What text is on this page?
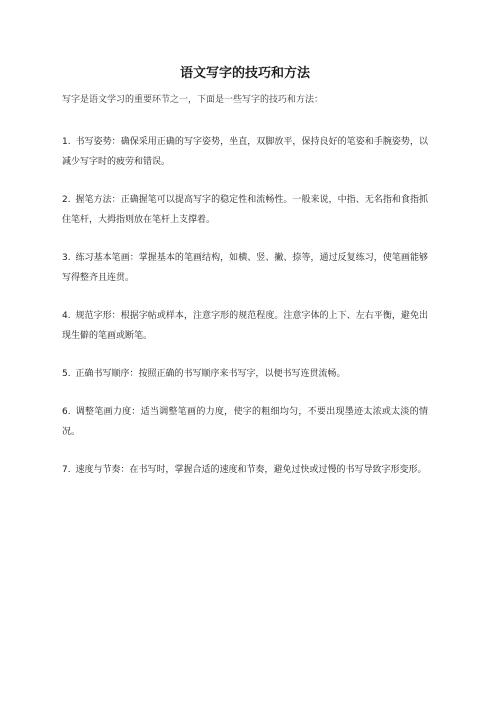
语文写字的技巧和方法

写字是语文学习的重要环节之一，下面是一些写字的技巧和方法：

1. 书写姿势：确保采用正确的写字姿势，坐直，双脚放平，保持良好的笔姿和手腕姿势，以减少写字时的疲劳和错误。

2. 握笔方法：正确握笔可以提高写字的稳定性和流畅性。一般来说，中指、无名指和食指抓住笔杆，大拇指则放在笔杆上支撑着。

3. 练习基本笔画：掌握基本的笔画结构，如横、竖、撇、捺等，通过反复练习，使笔画能够写得整齐且连贯。

4. 规范字形：根据字帖或样本，注意字形的规范程度。注意字体的上下、左右平衡，避免出现生僻的笔画或断笔。

5. 正确书写顺序：按照正确的书写顺序来书写字，以便书写连贯流畅。

6. 调整笔画力度：适当调整笔画的力度，使字的粗细均匀，不要出现墨迹太浓或太淡的情况。

7. 速度与节奏：在书写时，掌握合适的速度和节奏，避免过快或过慢的书写导致字形变形。
